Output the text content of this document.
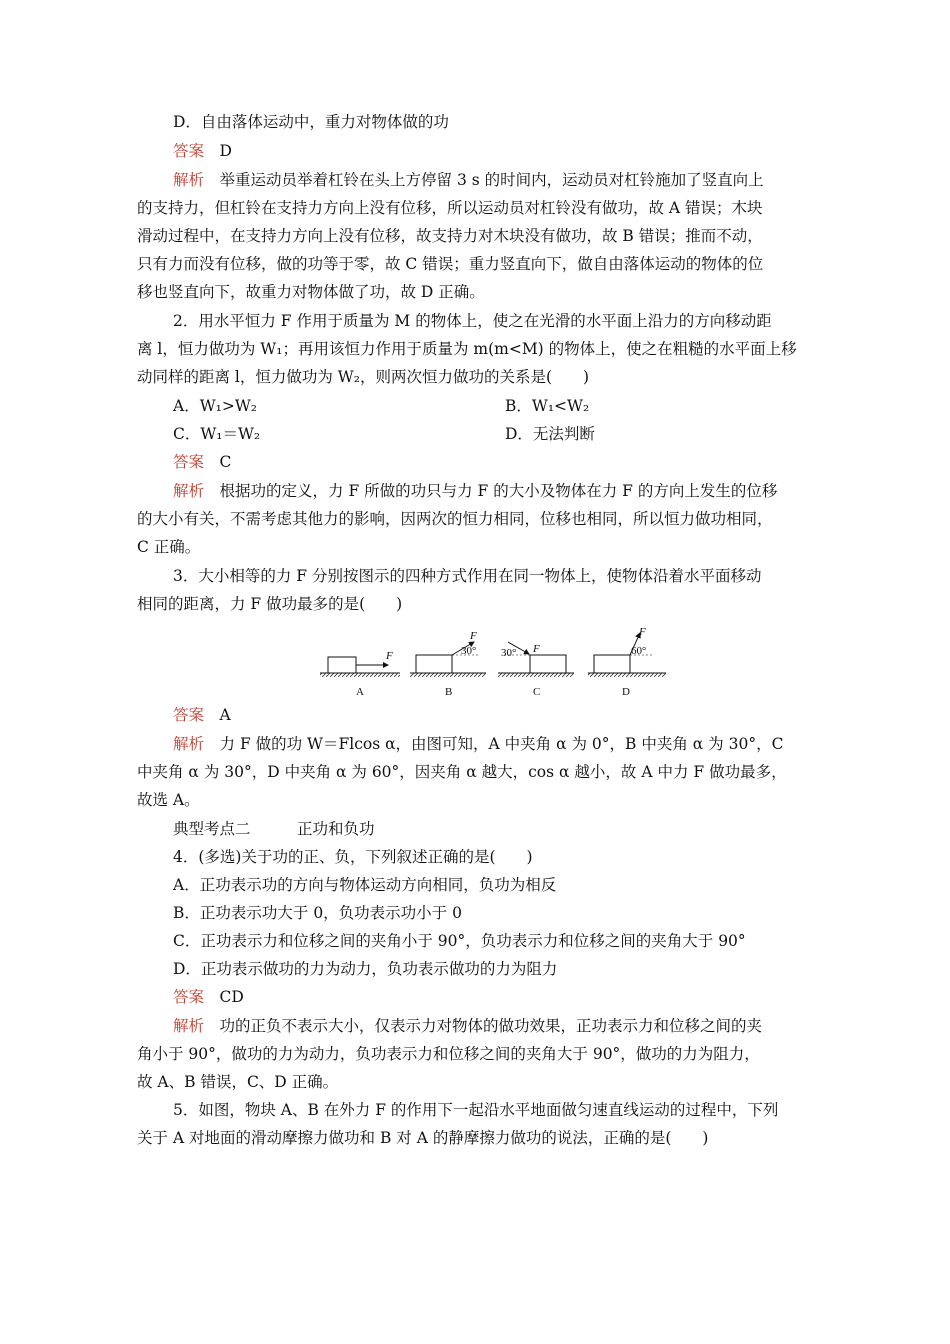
D．自由落体运动中，重力对物体做的功
答案　D
解析　举重运动员举着杠铃在头上方停留 3 s 的时间内，运动员对杠铃施加了竖直向上
的支持力，但杠铃在支持力方向上没有位移，所以运动员对杠铃没有做功，故 A 错误；木块
滑动过程中，在支持力方向上没有位移，故支持力对木块没有做功，故 B 错误；推而不动，
只有力而没有位移，做的功等于零，故 C 错误；重力竖直向下，做自由落体运动的物体的位
移也竖直向下，故重力对物体做了功，故 D 正确。
2．用水平恒力 F 作用于质量为 M 的物体上，使之在光滑的水平面上沿力的方向移动距
离 l，恒力做功为 W₁；再用该恒力作用于质量为 m(m<M) 的物体上，使之在粗糙的水平面上移
动同样的距离 l，恒力做功为 W₂，则两次恒力做功的关系是(　　)
A．W₁>W₂	B．W₁<W₂
C．W₁＝W₂	D．无法判断
答案　C
解析　根据功的定义，力 F 所做的功只与力 F 的大小及物体在力 F 的方向上发生的位移
的大小有关，不需考虑其他力的影响，因两次的恒力相同，位移也相同，所以恒力做功相同，
C 正确。
3．大小相等的力 F 分别按图示的四种方式作用在同一物体上，使物体沿着水平面移动
相同的距离，力 F 做功最多的是(　　)
答案　A
解析　力 F 做的功 W＝Flcos α，由图可知，A 中夹角 α 为 0°，B 中夹角 α 为 30°，C
中夹角 α 为 30°，D 中夹角 α 为 60°，因夹角 α 越大，cos α 越小，故 A 中力 F 做功最多，
故选 A。
典型考点二　　　正功和负功
4．(多选)关于功的正、负，下列叙述正确的是(　　)
A．正功表示功的方向与物体运动方向相同，负功为相反
B．正功表示功大于 0，负功表示功小于 0
C．正功表示力和位移之间的夹角小于 90°，负功表示力和位移之间的夹角大于 90°
D．正功表示做功的力为动力，负功表示做功的力为阻力
答案　CD
解析　功的正负不表示大小，仅表示力对物体的做功效果，正功表示力和位移之间的夹
角小于 90°，做功的力为动力，负功表示力和位移之间的夹角大于 90°，做功的力为阻力，
故 A、B 错误，C、D 正确。
5．如图，物块 A、B 在外力 F 的作用下一起沿水平地面做匀速直线运动的过程中，下列
关于 A 对地面的滑动摩擦力做功和 B 对 A 的静摩擦力做功的说法，正确的是(　　)
F
A
F
30°
B
F
30°
C
F
60°
D
